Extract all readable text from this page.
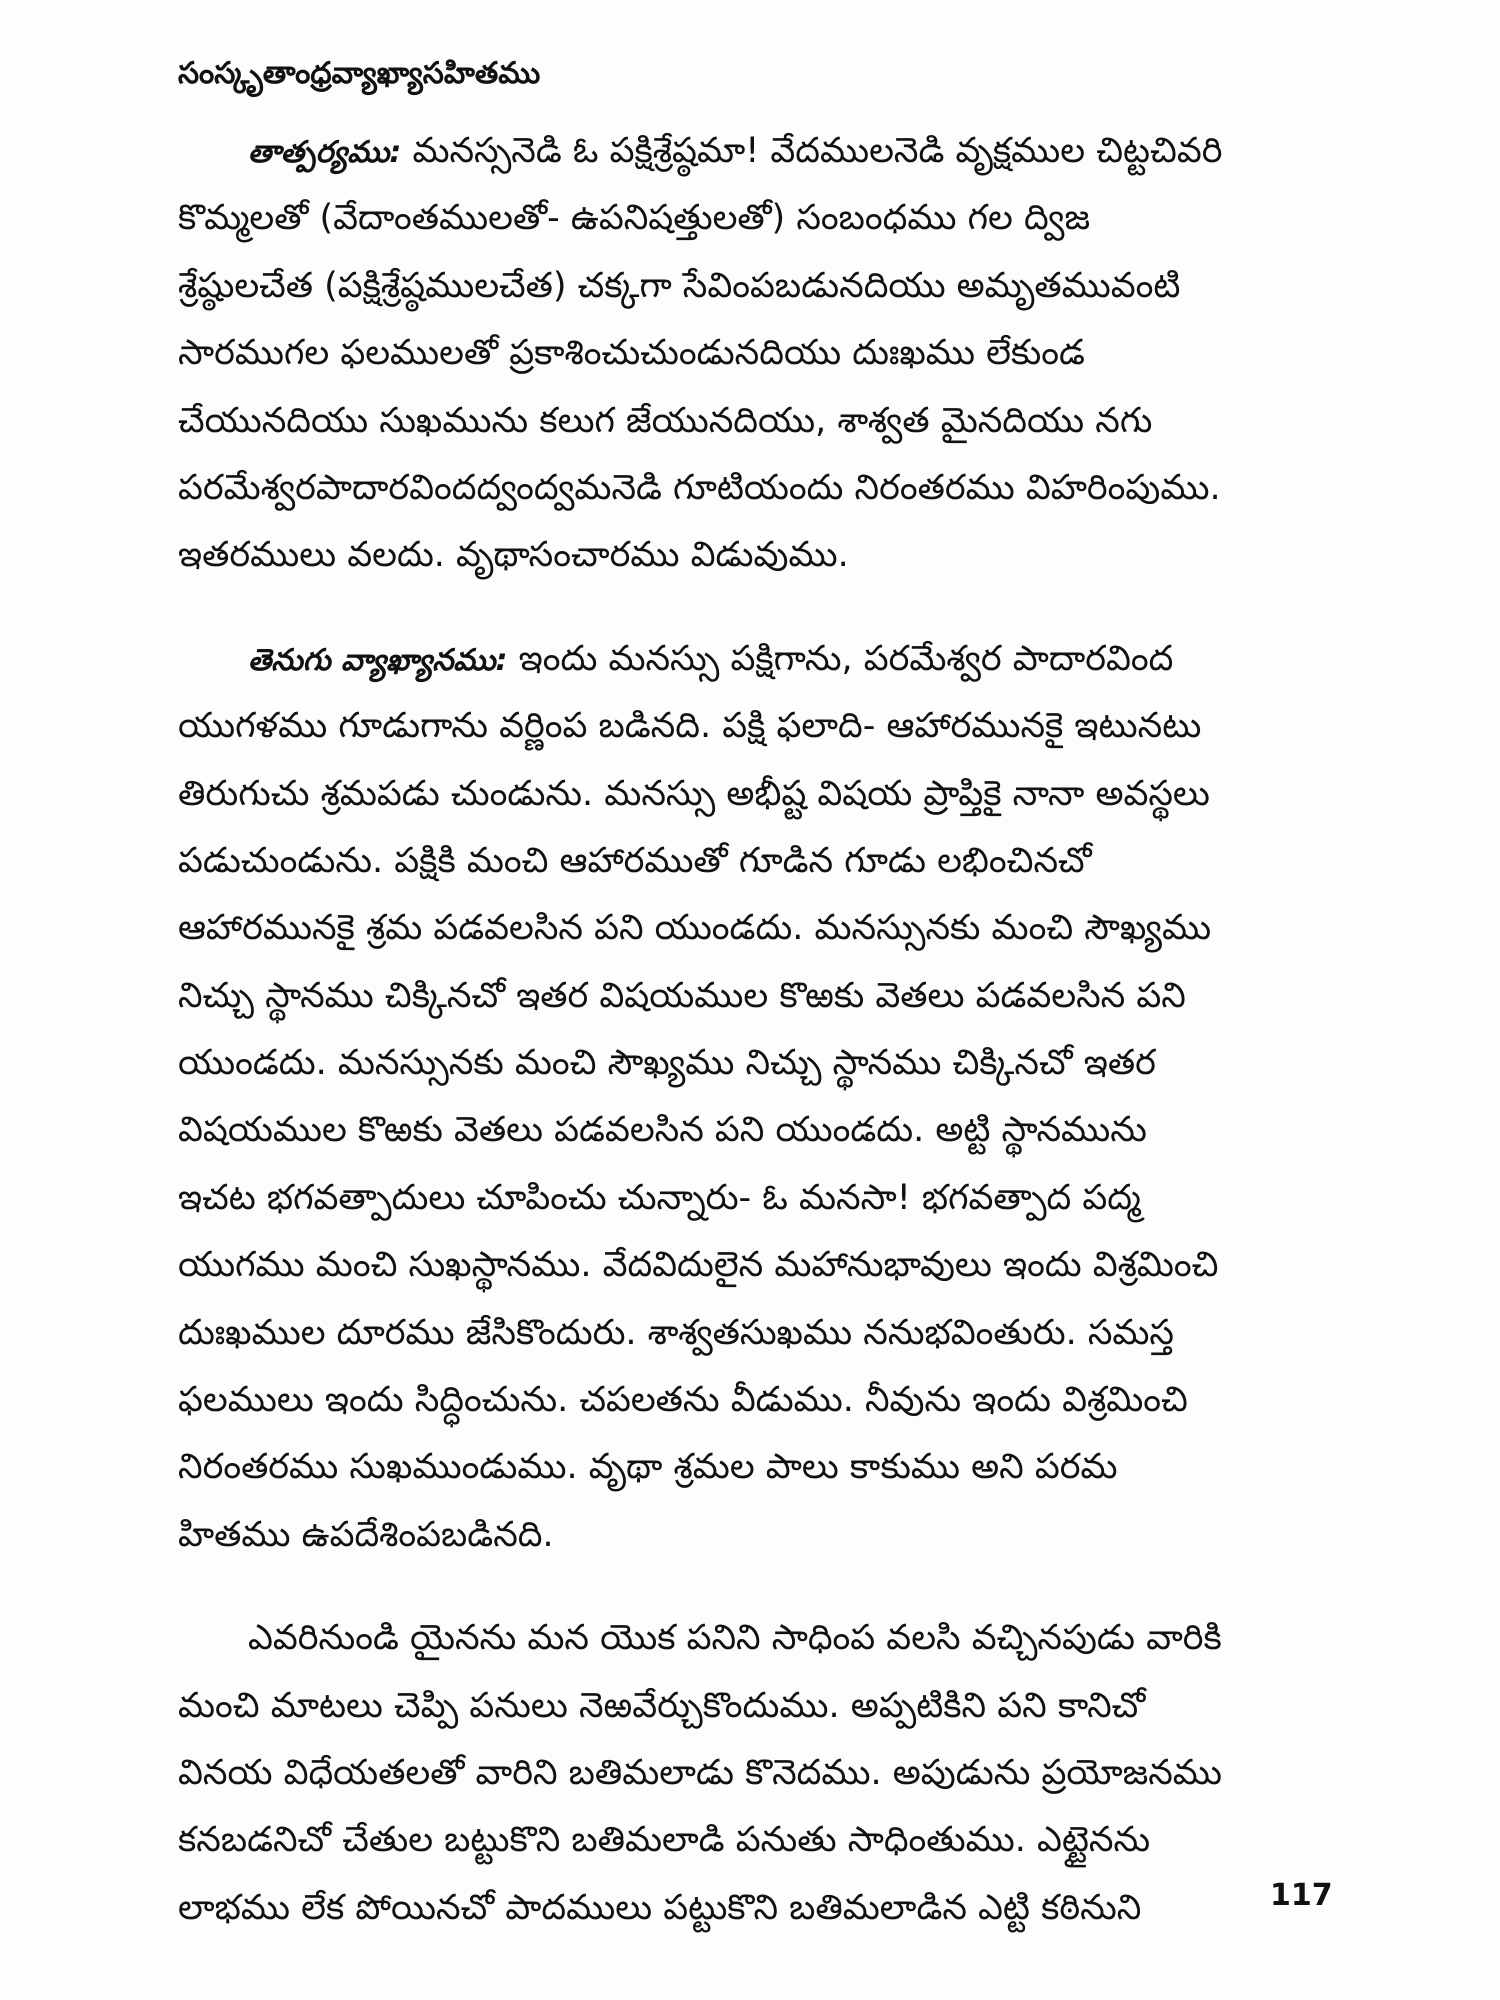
సంస్కృతాంధ్రవ్యాఖ్యాసహితము
తాత్పర్యము: మనస్సనెడి ఓ పక్షిశ్రేష్ఠమా! వేదములనెడి వృక్షముల చిట్టచివరి
కొమ్మలతో (వేదాంతములతో- ఉపనిషత్తులతో) సంబంధము గల ద్విజ
శ్రేష్ఠులచేత (పక్షిశ్రేష్ఠములచేత) చక్కగా సేవింపబడునదియు అమృతమువంటి
సారముగల ఫలములతో ప్రకాశించుచుండునదియు దుఃఖము లేకుండ
చేయునదియు సుఖమును కలుగ జేయునదియు, శాశ్వత మైనదియు నగు
పరమేశ్వరపాదారవిందద్వంద్వమనెడి గూటియందు నిరంతరము విహరింపుము.
ఇతరములు వలదు. వృథాసంచారము విడువుము.
తెనుగు వ్యాఖ్యానము: ఇందు మనస్సు పక్షిగాను, పరమేశ్వర పాదారవింద
యుగళము గూడుగాను వర్ణింప బడినది. పక్షి ఫలాది- ఆహారమునకై ఇటునటు
తిరుగుచు శ్రమపడు చుండును. మనస్సు అభీష్ట విషయ ప్రాప్తికై నానా అవస్థలు
పడుచుండును. పక్షికి మంచి ఆహారముతో గూడిన గూడు లభించినచో
ఆహారమునకై శ్రమ పడవలసిన పని యుండదు. మనస్సునకు మంచి సౌఖ్యము
నిచ్చు స్థానము చిక్కినచో ఇతర విషయముల కొఱకు వెతలు పడవలసిన పని
యుండదు. మనస్సునకు మంచి సౌఖ్యము నిచ్చు స్థానము చిక్కినచో ఇతర
విషయముల కొఱకు వెతలు పడవలసిన పని యుండదు. అట్టి స్థానమును
ఇచట భగవత్పాదులు చూపించు చున్నారు- ఓ మనసా! భగవత్పాద పద్మ
యుగము మంచి సుఖస్థానము. వేదవిదులైన మహానుభావులు ఇందు విశ్రమించి
దుఃఖముల దూరము జేసికొందురు. శాశ్వతసుఖము ననుభవింతురు. సమస్త
ఫలములు ఇందు సిద్ధించును. చపలతను వీడుము. నీవును ఇందు విశ్రమించి
నిరంతరము సుఖముండుము. వృథా శ్రమల పాలు కాకుము అని పరమ
హితము ఉపదేశింపబడినది.
ఎవరినుండి యైనను మన యొక పనిని సాధింప వలసి వచ్చినపుడు వారికి
మంచి మాటలు చెప్పి పనులు నెఱవేర్చుకొందుము. అప్పటికిని పని కానిచో
వినయ విధేయతలతో వారిని బతిమలాడు కొనెదము. అపుడును ప్రయోజనము
కనబడనిచో చేతుల బట్టుకొని బతిమలాడి పనుతు సాధింతుము. ఎట్టైనను
లాభము లేక పోయినచో పాదములు పట్టుకొని బతిమలాడిన ఎట్టి కఠినుని	117
